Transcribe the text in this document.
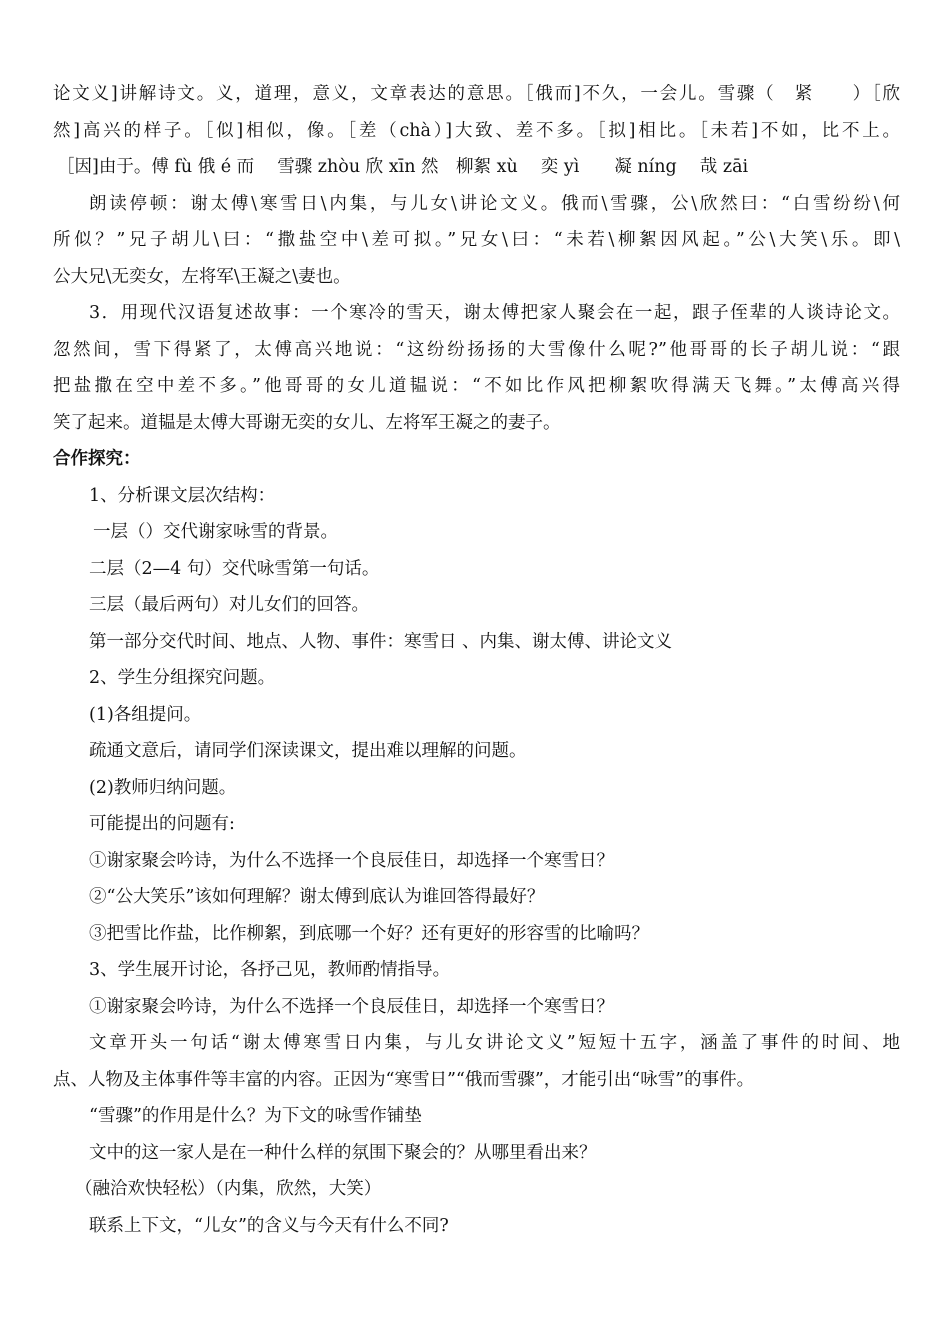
论文义]讲解诗文。义，道理，意义，文章表达的意思。［俄而]不久，一会儿。雪骤（　紧　　）［欣
然]高兴的样子。［似]相似，像。［差（chà）]大致、差不多。［拟]相比。［未若]不如，比不上。
［因]由于。傅 fù 俄 é 而　 雪骤 zhòu 欣 xīn 然　柳絮 xù　 奕 yì　　凝 níng　 哉 zāi
朗读停顿：谢太傅\寒雪日\内集，与儿女\讲论文义。俄而\雪骤，公\欣然曰：“白雪纷纷\何
所似？”兄子胡儿\曰：“撒盐空中\差可拟。”兄女\曰：“未若\柳絮因风起。”公\大笑\乐。即\
公大兄\无奕女，左将军\王凝之\妻也。
3．用现代汉语复述故事：一个寒冷的雪天，谢太傅把家人聚会在一起，跟子侄辈的人谈诗论文。
忽然间，雪下得紧了，太傅高兴地说：“这纷纷扬扬的大雪像什么呢?”他哥哥的长子胡儿说：“跟
把盐撒在空中差不多。”他哥哥的女儿道韫说：“不如比作风把柳絮吹得满天飞舞。”太傅高兴得
笑了起来。道韫是太傅大哥谢无奕的女儿、左将军王凝之的妻子。
合作探究：
1、分析课文层次结构：
一层（）交代谢家咏雪的背景。
二层（2—4 句）交代咏雪第一句话。
三层（最后两句）对儿女们的回答。
第一部分交代时间、地点、人物、事件：寒雪日 、内集、谢太傅、讲论文义
2、学生分组探究问题。
(1)各组提问。
疏通文意后，请同学们深读课文，提出难以理解的问题。
(2)教师归纳问题。
可能提出的问题有:
①谢家聚会吟诗，为什么不选择一个良辰佳日，却选择一个寒雪日？
②“公大笑乐”该如何理解？谢太傅到底认为谁回答得最好？
③把雪比作盐，比作柳絮，到底哪一个好？还有更好的形容雪的比喻吗？
3、学生展开讨论，各抒己见，教师酌情指导。
①谢家聚会吟诗，为什么不选择一个良辰佳日，却选择一个寒雪日？
文章开头一句话“谢太傅寒雪日内集，与儿女讲论文义”短短十五字，涵盖了事件的时间、地
点、人物及主体事件等丰富的内容。正因为“寒雪日”“俄而雪骤”，才能引出“咏雪”的事件。
“雪骤”的作用是什么？为下文的咏雪作铺垫
文中的这一家人是在一种什么样的氛围下聚会的？从哪里看出来？
（融洽欢快轻松）（内集，欣然，大笑）
联系上下文，“儿女”的含义与今天有什么不同?
